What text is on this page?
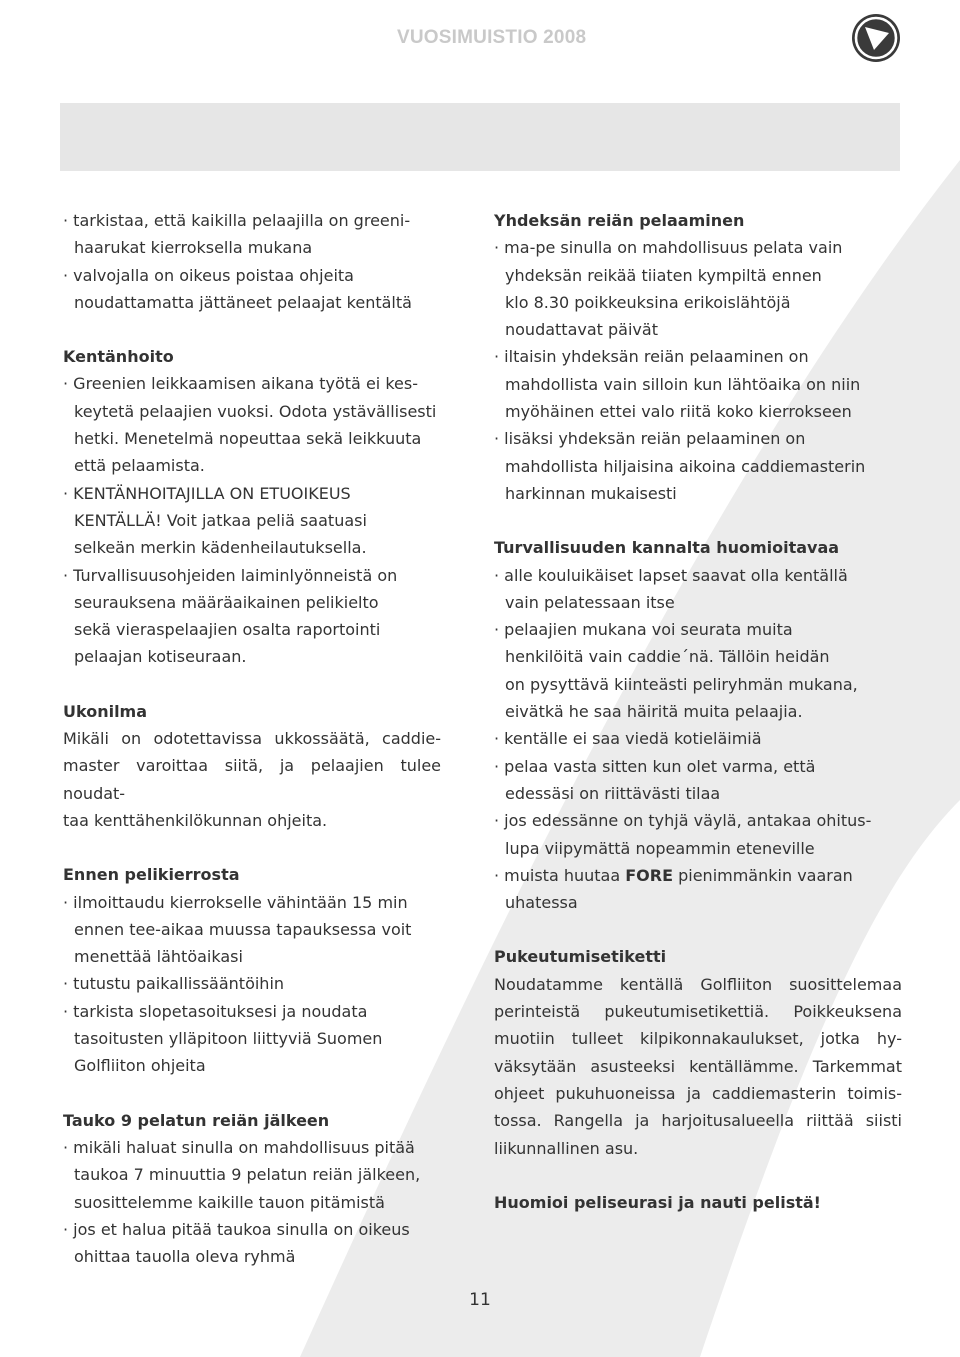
VUOSIMUISTIO 2008
· tarkistaa, että kaikilla pelaajilla on greeni-
haarukat kierroksella mukana
· valvojalla on oikeus poistaa ohjeita
noudattamatta jättäneet pelaajat kentältä
Kentänhoito
· Greenien leikkaamisen aikana työtä ei kes-
keytetä pelaajien vuoksi. Odota ystävällisesti
hetki. Menetelmä nopeuttaa sekä leikkuuta
että pelaamista.
· KENTÄNHOITAJILLA ON ETUOIKEUS
KENTÄLLÄ! Voit jatkaa peliä saatuasi
selkeän merkin kädenheilautuksella.
· Turvallisuusohjeiden laiminlyönneistä on
seurauksena määräaikainen pelikielto
sekä vieraspelaajien osalta raportointi
pelaajan kotiseuraan.
Ukonilma
Mikäli on odotettavissa ukkossäätä, caddie-
master varoittaa siitä, ja pelaajien tulee noudat-
taa kenttähenkilökunnan ohjeita.
Ennen pelikierrosta
· ilmoittaudu kierrokselle vähintään 15 min
ennen tee-aikaa muussa tapauksessa voit
menettää lähtöaikasi
· tutustu paikallissääntöihin
· tarkista slopetasoituksesi ja noudata
tasoitusten ylläpitoon liittyviä Suomen
Golfliiton ohjeita
Tauko 9 pelatun reiän jälkeen
· mikäli haluat sinulla on mahdollisuus pitää
taukoa 7 minuuttia 9 pelatun reiän jälkeen,
suosittelemme kaikille tauon pitämistä
· jos et halua pitää taukoa sinulla on oikeus
ohittaa tauolla oleva ryhmä
Yhdeksän reiän pelaaminen
· ma-pe sinulla on mahdollisuus pelata vain
yhdeksän reikää tiiaten kympiltä ennen
klo 8.30 poikkeuksina erikoislähtöjä
noudattavat päivät
· iltaisin yhdeksän reiän pelaaminen on
mahdollista vain silloin kun lähtöaika on niin
myöhäinen ettei valo riitä koko kierrokseen
· lisäksi yhdeksän reiän pelaaminen on
mahdollista hiljaisina aikoina caddiemasterin
harkinnan mukaisesti
Turvallisuuden kannalta huomioitavaa
· alle kouluikäiset lapset saavat olla kentällä
vain pelatessaan itse
· pelaajien mukana voi seurata muita
henkilöitä vain caddie´nä. Tällöin heidän
on pysyttävä kiinteästi peliryhmän mukana,
eivätkä he saa häiritä muita pelaajia.
· kentälle ei saa viedä kotieläimiä
· pelaa vasta sitten kun olet varma, että
edessäsi on riittävästi tilaa
· jos edessänne on tyhjä väylä, antakaa ohitus-
lupa viipymättä nopeammin eteneville
· muista huutaa FORE pienimmänkin vaaran
uhatessa
Pukeutumisetiketti
Noudatamme kentällä Golfliiton suosittelemaa
perinteistä pukeutumisetikettiä. Poikkeuksena
muotiin tulleet kilpikonnakaulukset, jotka hy-
väksytään asusteeksi kentällämme. Tarkemmat
ohjeet pukuhuoneissa ja caddiemasterin toimis-
tossa. Rangella ja harjoitusalueella riittää siisti
liikunnallinen asu.
Huomioi peliseurasi ja nauti pelistä!
11
